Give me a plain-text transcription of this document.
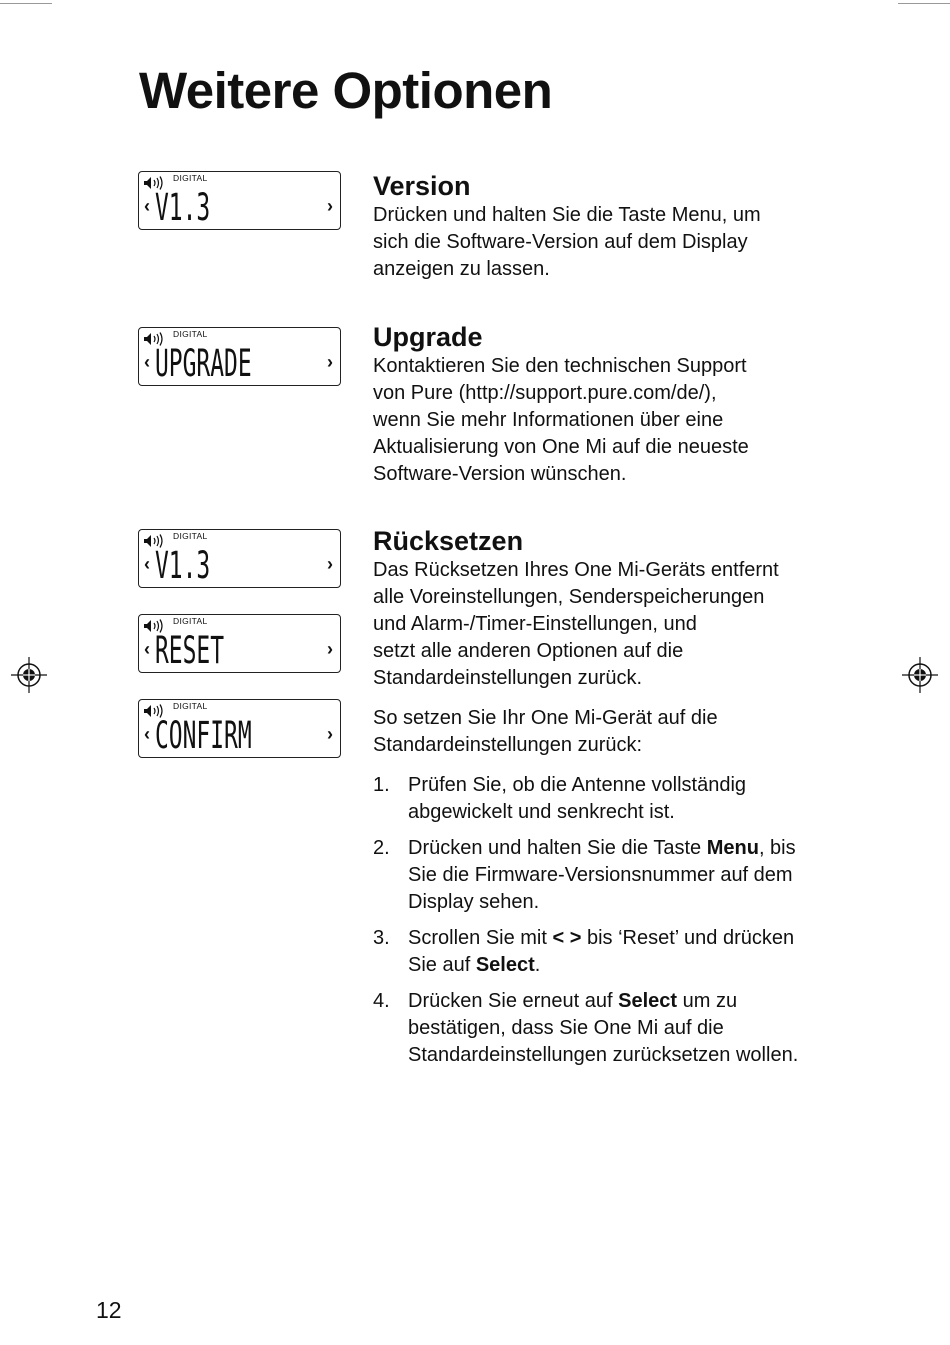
Weitere Optionen
DIGITAL
‹ V1.3	›
DIGITAL
‹ UPGRADE	›
DIGITAL
‹ V1.3	›
DIGITAL
‹ RESET	›
DIGITAL
‹ CONFIRM	›
Version

Drücken und halten Sie die Taste Menu, um

sich die Software-Version auf dem Display

anzeigen zu lassen.

Upgrade

Kontaktieren Sie den technischen Support

von Pure (http://support.pure.com/de/),

wenn Sie mehr Informationen über eine

Aktualisierung von One Mi auf die neueste

Software-Version wünschen.

Rücksetzen

Das Rücksetzen Ihres One Mi-Geräts entfernt

alle Voreinstellungen, Senderspeicherungen

und Alarm-/Timer-Einstellungen, und

setzt alle anderen Optionen auf die

Standardeinstellungen zurück.

So setzen Sie Ihr One Mi-Gerät auf die

Standardeinstellungen zurück:

1. Prüfen Sie, ob die Antenne vollständig abgewickelt und senkrecht ist.
2. Drücken und halten Sie die Taste Menu, bis Sie die Firmware-Versionsnummer auf dem Display sehen.
3. Scrollen Sie mit < > bis ‘Reset’ und drücken Sie auf Select.
4. Drücken Sie erneut auf Select um zu bestätigen, dass Sie One Mi auf die Standardeinstellungen zurücksetzen wollen.
12
